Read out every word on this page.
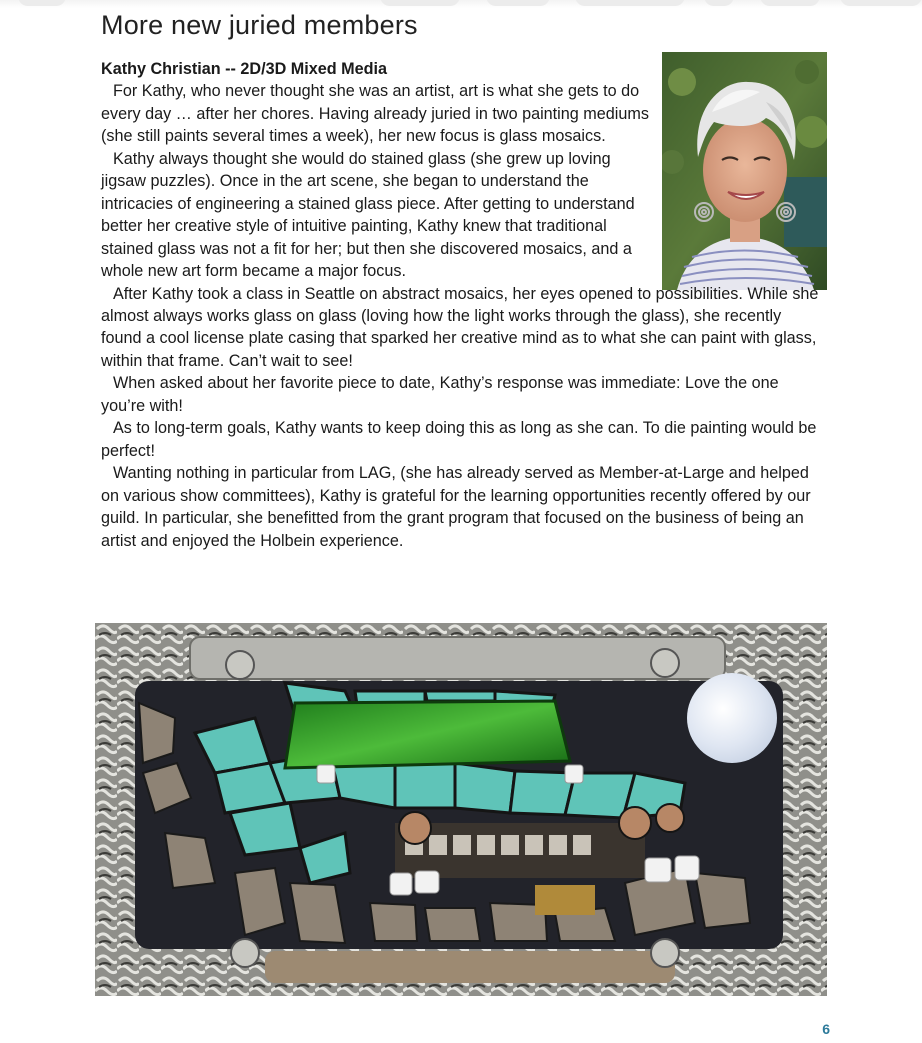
More new juried members
Kathy Christian -- 2D/3D Mixed Media

For Kathy, who never thought she was an artist, art is what she gets to do every day … after her chores. Having already juried in two painting mediums (she still paints several times a week), her new focus is glass mosaics.

Kathy always thought she would do stained glass (she grew up loving jigsaw puzzles). Once in the art scene, she began to understand the intricacies of engineering a stained glass piece. After getting to understand better her creative style of intuitive painting, Kathy knew that traditional stained glass was not a fit for her; but then she discovered mosaics, and a whole new art form became a major focus.

After Kathy took a class in Seattle on abstract mosaics, her eyes opened to possibilities. While she almost always works glass on glass (loving how the light works through the glass), she recently found a cool license plate casing that sparked her creative mind as to what she can paint with glass, within that frame. Can’t wait to see!

When asked about her favorite piece to date, Kathy’s response was immediate: Love the one you’re with!

As to long-term goals, Kathy wants to keep doing this as long as she can. To die painting would be perfect!

Wanting nothing in particular from LAG, (she has already served as Member-at-Large and helped on various show committees), Kathy is grateful for the learning opportunities recently offered by our guild. In particular, she benefitted from the grant program that focused on the business of being an artist and enjoyed the Holbein experience.

6
